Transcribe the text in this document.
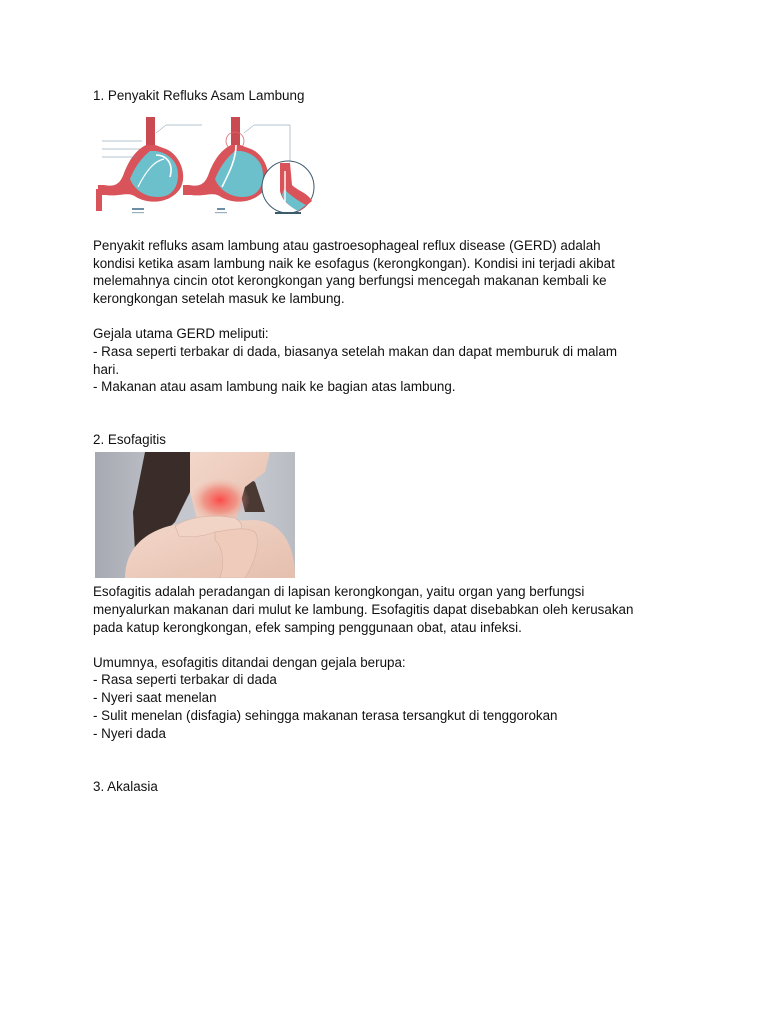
1. Penyakit Refluks Asam Lambung
Penyakit refluks asam lambung atau gastroesophageal reflux disease (GERD) adalah
kondisi ketika asam lambung naik ke esofagus (kerongkongan). Kondisi ini terjadi akibat
melemahnya cincin otot kerongkongan yang berfungsi mencegah makanan kembali ke
kerongkongan setelah masuk ke lambung.
Gejala utama GERD meliputi:
- Rasa seperti terbakar di dada, biasanya setelah makan dan dapat memburuk di malam
hari.
- Makanan atau asam lambung naik ke bagian atas lambung.
2. Esofagitis
Esofagitis adalah peradangan di lapisan kerongkongan, yaitu organ yang berfungsi
menyalurkan makanan dari mulut ke lambung. Esofagitis dapat disebabkan oleh kerusakan
pada katup kerongkongan, efek samping penggunaan obat, atau infeksi.
Umumnya, esofagitis ditandai dengan gejala berupa:
- Rasa seperti terbakar di dada
- Nyeri saat menelan
- Sulit menelan (disfagia) sehingga makanan terasa tersangkut di tenggorokan
- Nyeri dada
3. Akalasia
